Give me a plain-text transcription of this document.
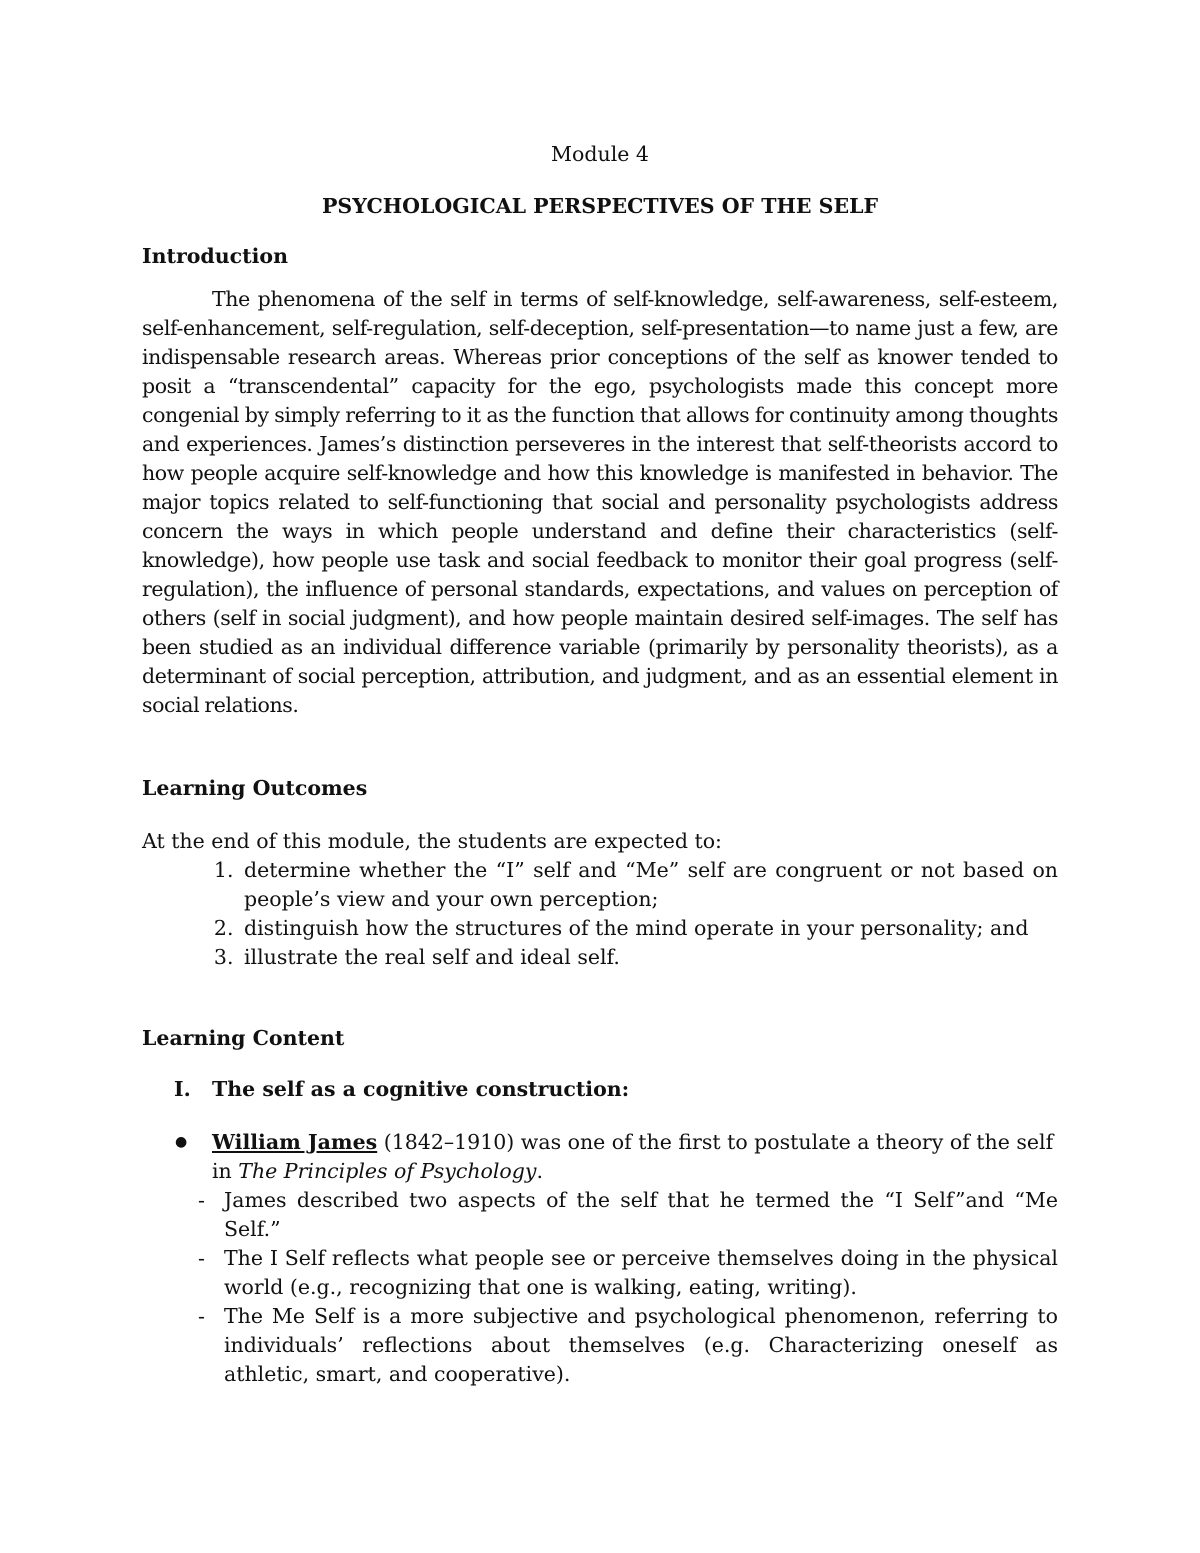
Module 4

PSYCHOLOGICAL PERSPECTIVES OF THE SELF

Introduction

The phenomena of the self in terms of self-knowledge, self-awareness, self-esteem, self-enhancement, self-regulation, self-deception, self-presentation—to name just a few, are indispensable research areas. Whereas prior conceptions of the self as knower tended to posit a “transcendental” capacity for the ego, psychologists made this concept more congenial by simply referring to it as the function that allows for continuity among thoughts and experiences. James’s distinction perseveres in the interest that self-theorists accord to how people acquire self-knowledge and how this knowledge is manifested in behavior. The major topics related to self-functioning that social and personality psychologists address concern the ways in which people understand and define their characteristics (self-knowledge), how people use task and social feedback to monitor their goal progress (self-regulation), the influence of personal standards, expectations, and values on perception of others (self in social judgment), and how people maintain desired self-images. The self has been studied as an individual difference variable (primarily by personality theorists), as a determinant of social perception, attribution, and judgment, and as an essential element in social relations.

Learning Outcomes

At the end of this module, the students are expected to:

1. determine whether the “I” self and “Me” self are congruent or not based on people’s view and your own perception;
2. distinguish how the structures of the mind operate in your personality; and
3. illustrate the real self and ideal self.

Learning Content

I.	The self as a cognitive construction:
●	William James (1842–1910) was one of the first to postulate a theory of the self in The Principles of Psychology.
- James described two aspects of the self that he termed the “I Self”and “Me Self.”
- The I Self reflects what people see or perceive themselves doing in the physical world (e.g., recognizing that one is walking, eating, writing).
- The Me Self is a more subjective and psychological phenomenon, referring to individuals’ reflections about themselves (e.g. Characterizing oneself as athletic, smart, and cooperative).
